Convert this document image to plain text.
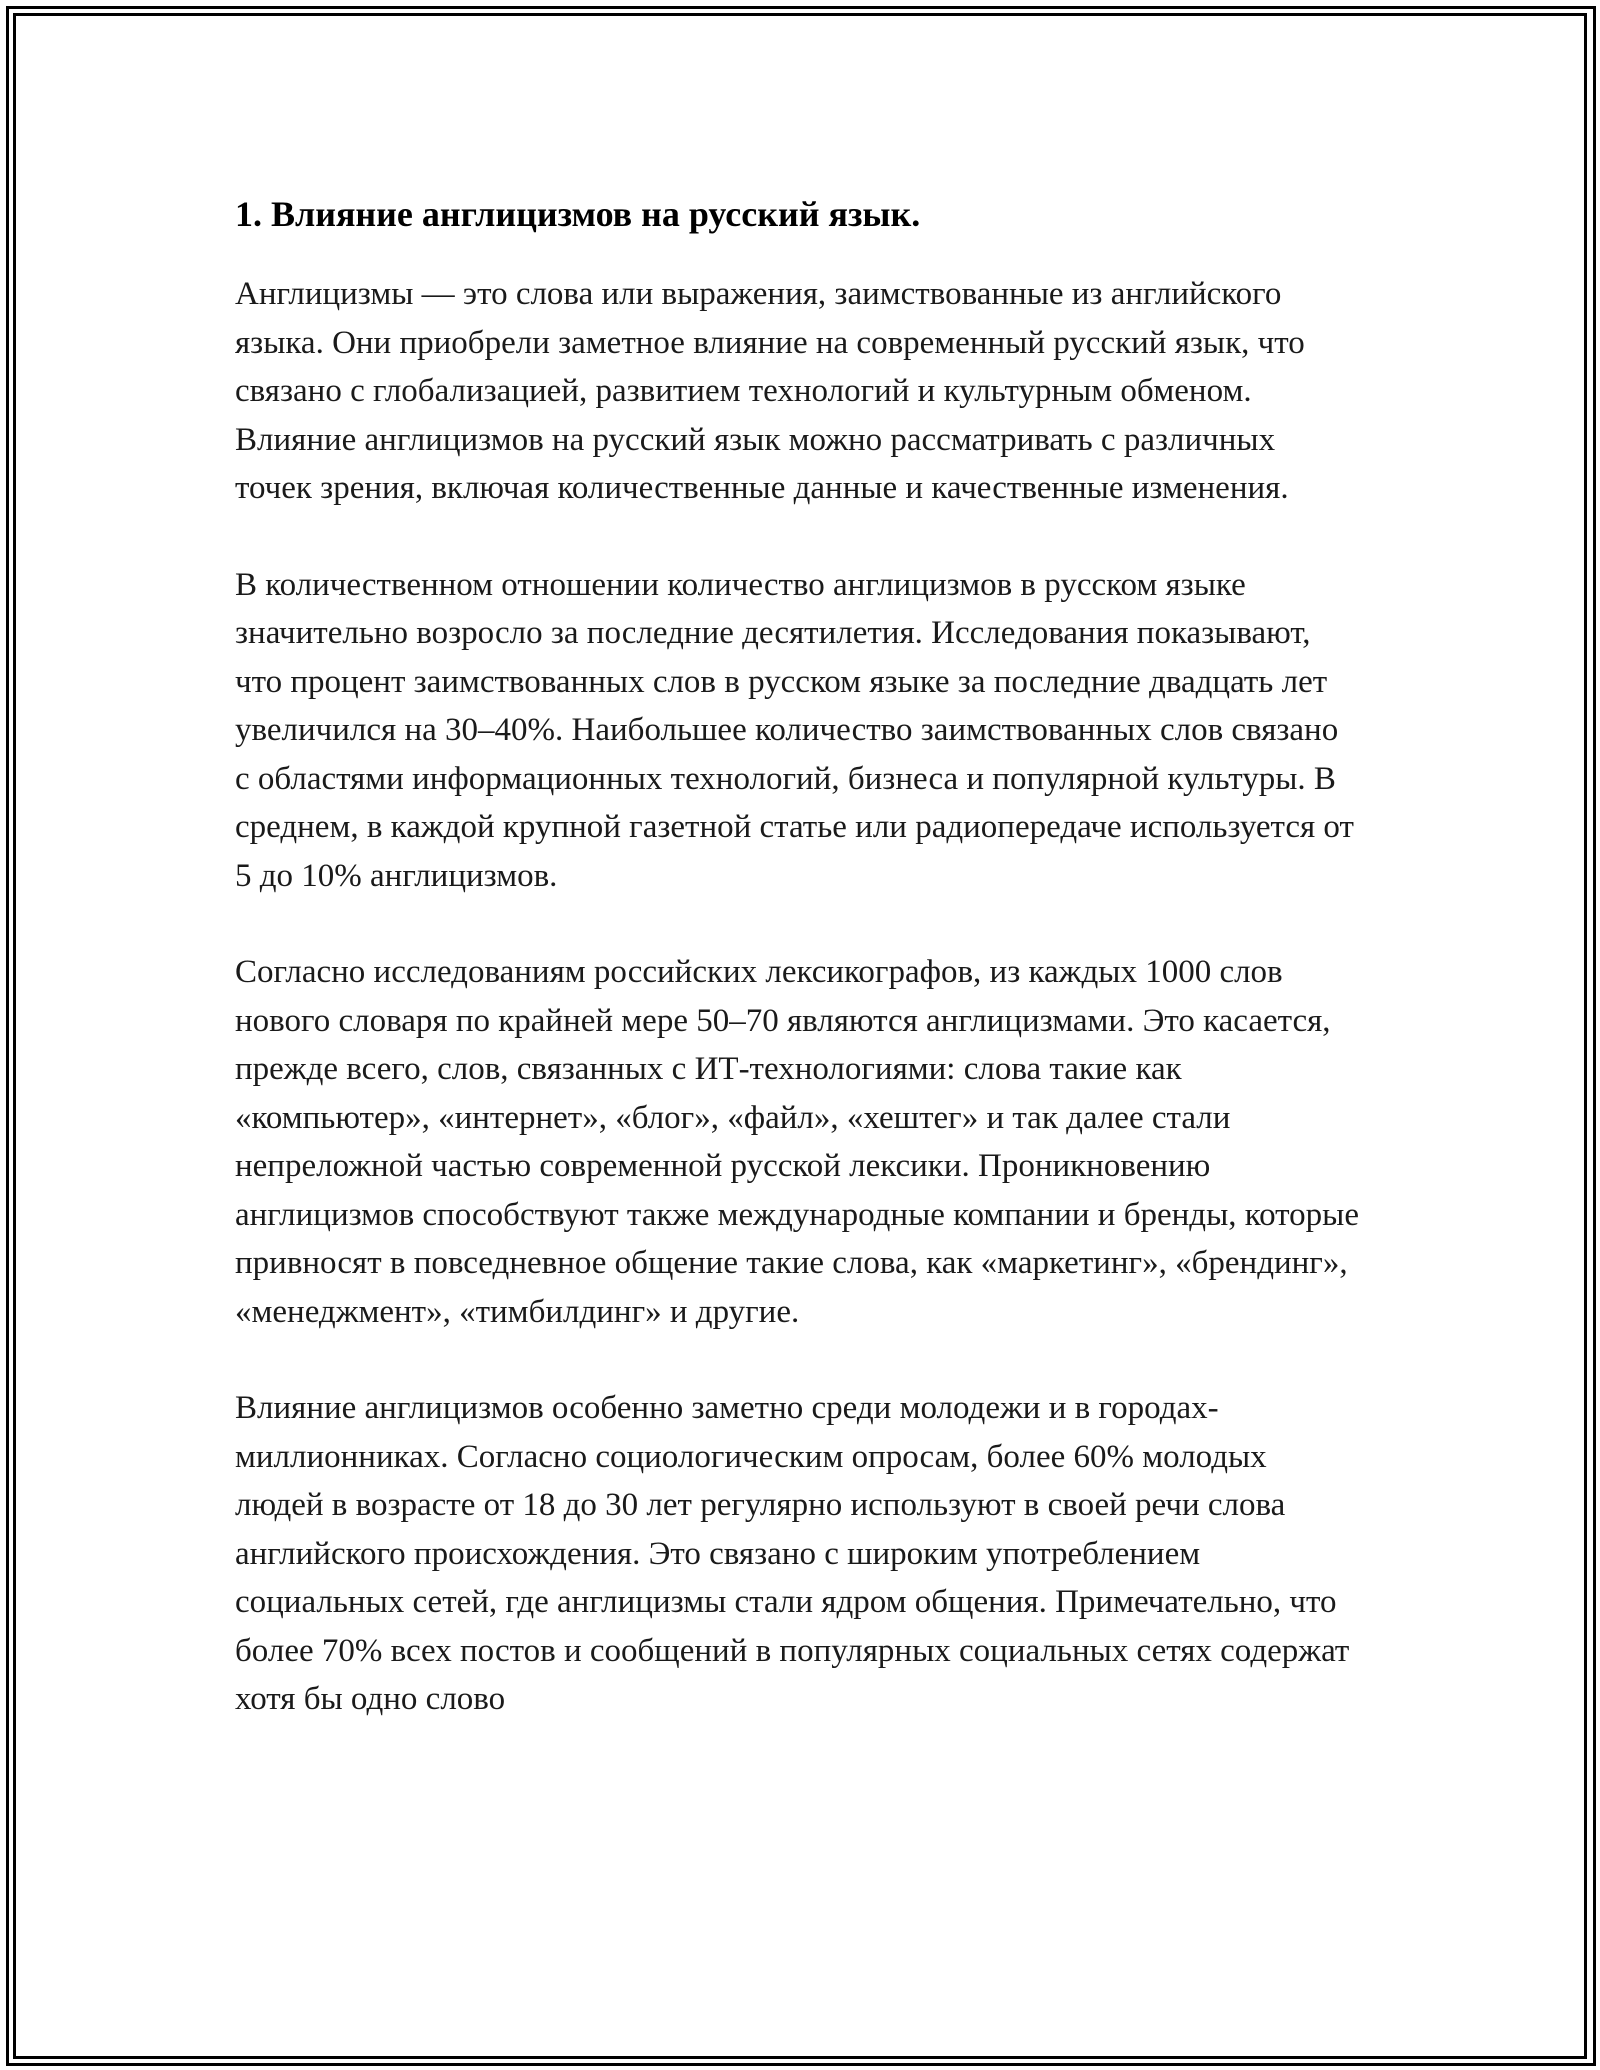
1. Влияние англицизмов на русский язык.

Англицизмы — это слова или выражения, заимствованные из английского языка. Они приобрели заметное влияние на современный русский язык, что связано с глобализацией, развитием технологий и культурным обменом. Влияние англицизмов на русский язык можно рассматривать с различных точек зрения, включая количественные данные и качественные изменения.

В количественном отношении количество англицизмов в русском языке значительно возросло за последние десятилетия. Исследования показывают, что процент заимствованных слов в русском языке за последние двадцать лет увеличился на 30–40%. Наибольшее количество заимствованных слов связано с областями информационных технологий, бизнеса и популярной культуры. В среднем, в каждой крупной газетной статье или радиопередаче используется от 5 до 10% англицизмов.

Согласно исследованиям российских лексикографов, из каждых 1000 слов нового словаря по крайней мере 50–70 являются англицизмами. Это касается, прежде всего, слов, связанных с ИТ-технологиями: слова такие как «компьютер», «интернет», «блог», «файл», «хештег» и так далее стали непреложной частью современной русской лексики. Проникновению англицизмов способствуют также международные компании и бренды, которые привносят в повседневное общение такие слова, как «маркетинг», «брендинг», «менеджмент», «тимбилдинг» и другие.

Влияние англицизмов особенно заметно среди молодежи и в городах-миллионниках. Согласно социологическим опросам, более 60% молодых людей в возрасте от 18 до 30 лет регулярно используют в своей речи слова английского происхождения. Это связано с широким употреблением социальных сетей, где англицизмы стали ядром общения. Примечательно, что более 70% всех постов и сообщений в популярных социальных сетях содержат хотя бы одно слово
